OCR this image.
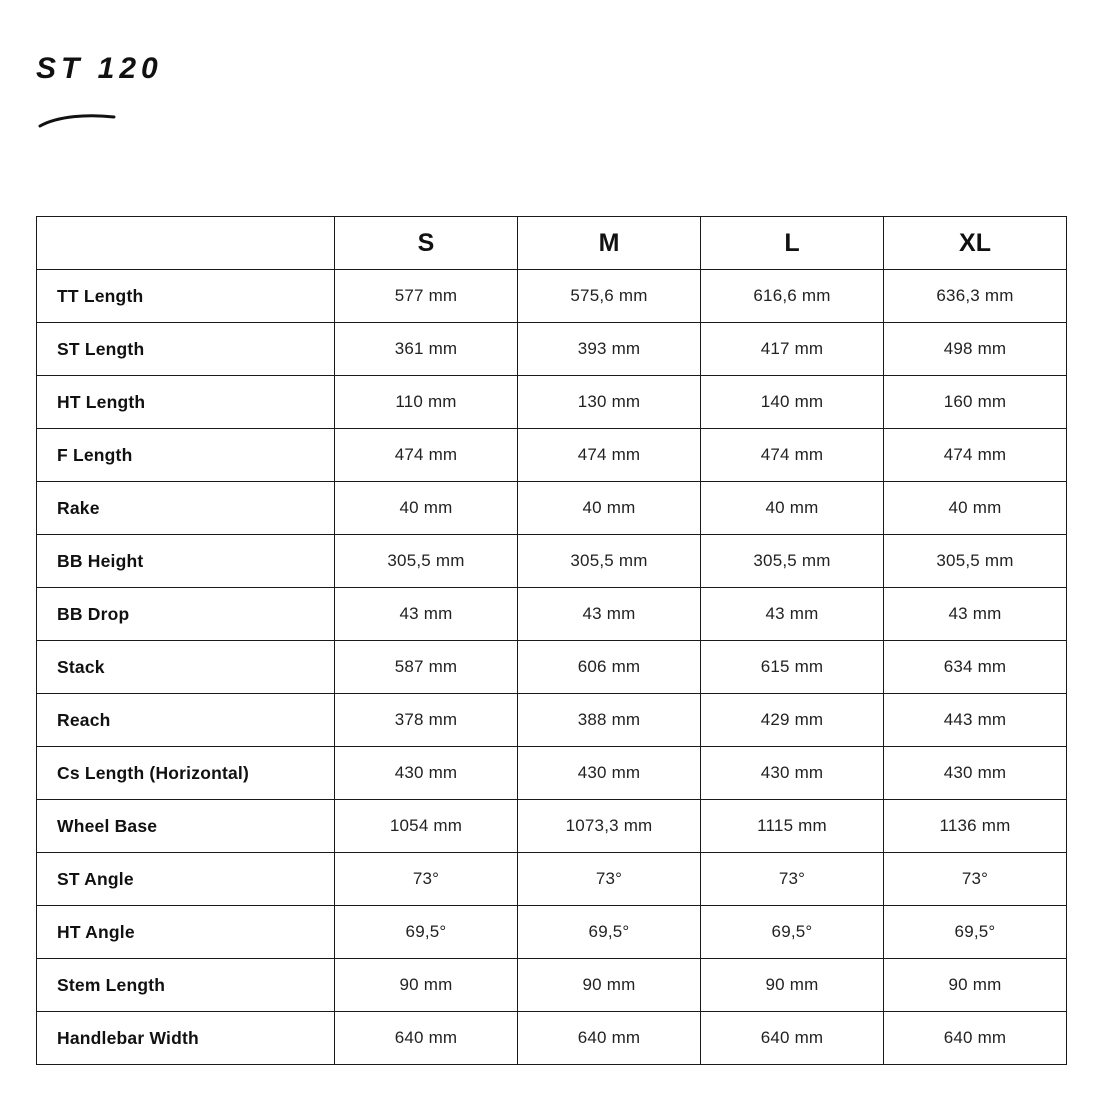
ST 120
	S	M	L	XL
TT Length	577 mm	575,6 mm	616,6 mm	636,3 mm
ST Length	361 mm	393 mm	417 mm	498 mm
HT Length	110 mm	130 mm	140 mm	160 mm
F Length	474 mm	474 mm	474 mm	474 mm
Rake	40 mm	40 mm	40 mm	40 mm
BB Height	305,5 mm	305,5 mm	305,5 mm	305,5 mm
BB Drop	43 mm	43 mm	43 mm	43 mm
Stack	587 mm	606 mm	615 mm	634 mm
Reach	378 mm	388 mm	429 mm	443 mm
Cs Length (Horizontal)	430 mm	430 mm	430 mm	430 mm
Wheel Base	1054 mm	1073,3 mm	1115 mm	1136 mm
ST Angle	73°	73°	73°	73°
HT Angle	69,5°	69,5°	69,5°	69,5°
Stem Length	90 mm	90 mm	90 mm	90 mm
Handlebar Width	640 mm	640 mm	640 mm	640 mm
